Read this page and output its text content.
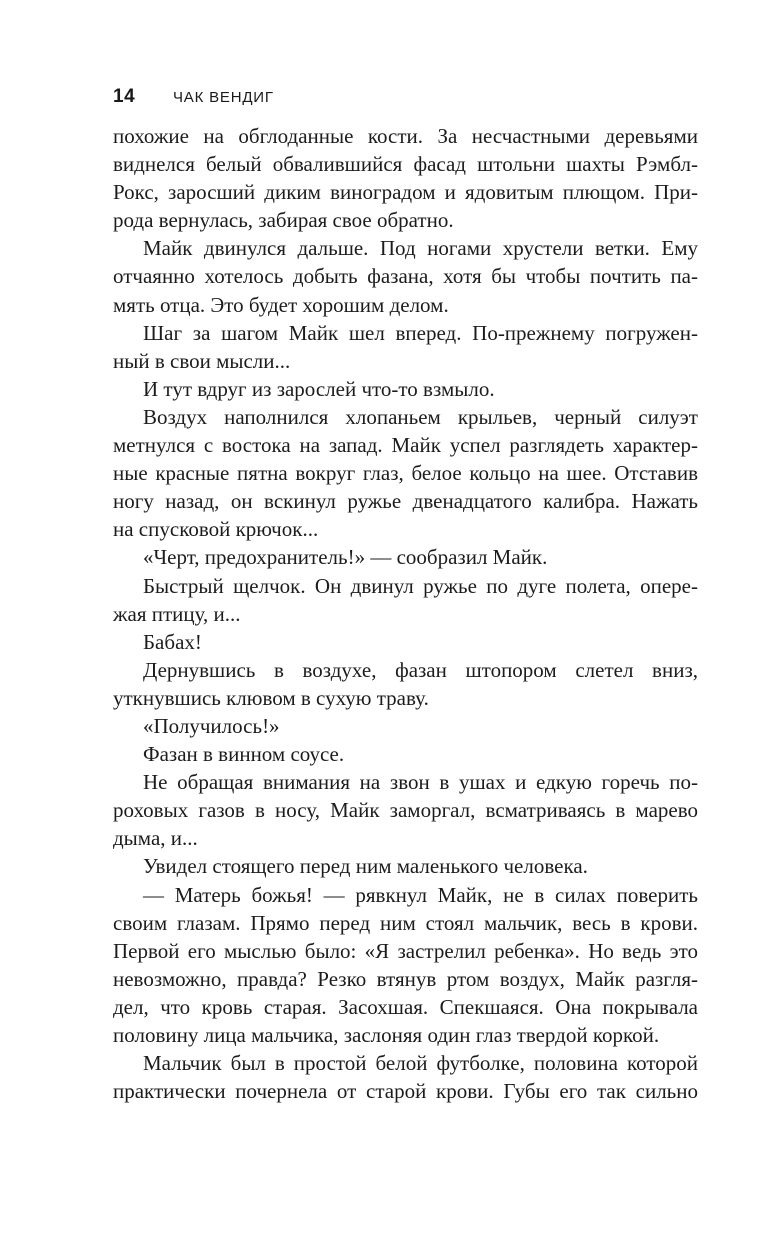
14	ЧАК ВЕНДИГ
похожие на обглоданные кости. За несчастными деревьями
виднелся белый обвалившийся фасад штольни шахты Рэмбл-
Рокс, заросший диким виноградом и ядовитым плющом. При-
рода вернулась, забирая свое обратно.
Майк двинулся дальше. Под ногами хрустели ветки. Ему
отчаянно хотелось добыть фазана, хотя бы чтобы почтить па-
мять отца. Это будет хорошим делом.
Шаг за шагом Майк шел вперед. По-прежнему погружен-
ный в свои мысли...
И тут вдруг из зарослей что-то взмыло.
Воздух наполнился хлопаньем крыльев, черный силуэт
метнулся с востока на запад. Майк успел разглядеть характер-
ные красные пятна вокруг глаз, белое кольцо на шее. Отставив
ногу назад, он вскинул ружье двенадцатого калибра. Нажать
на спусковой крючок...
«Черт, предохранитель!» — сообразил Майк.
Быстрый щелчок. Он двинул ружье по дуге полета, опере-
жая птицу, и...
Бабах!
Дернувшись в воздухе, фазан штопором слетел вниз,
уткнувшись клювом в сухую траву.
«Получилось!»
Фазан в винном соусе.
Не обращая внимания на звон в ушах и едкую горечь по-
роховых газов в носу, Майк заморгал, всматриваясь в марево
дыма, и...
Увидел стоящего перед ним маленького человека.
— Матерь божья! — рявкнул Майк, не в силах поверить
своим глазам. Прямо перед ним стоял мальчик, весь в крови.
Первой его мыслью было: «Я застрелил ребенка». Но ведь это
невозможно, правда? Резко втянув ртом воздух, Майк разгля-
дел, что кровь старая. Засохшая. Спекшаяся. Она покрывала
половину лица мальчика, заслоняя один глаз твердой коркой.
Мальчик был в простой белой футболке, половина которой
практически почернела от старой крови. Губы его так сильно
